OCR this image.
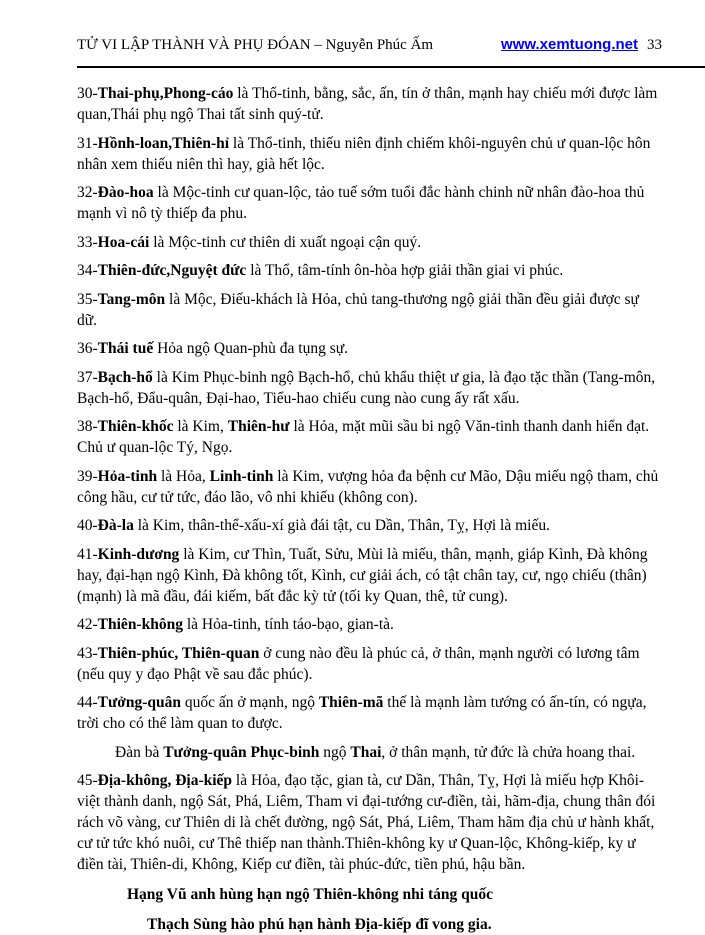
TỬ VI LẬP THÀNH VÀ PHỤ ĐÓAN – Nguyễn Phúc Ấm	www.xemtuong.net 33

30-Thai-phụ,Phong-cáo là Thổ-tinh, bằng, sắc, ấn, tín ở thân, mạnh hay chiếu mới được làm quan,Thái phụ ngộ Thai tất sinh quý-tử.

31-Hồnh-loan,Thiên-hỉ là Thổ-tinh, thiếu niên định chiếm khôi-nguyên chủ ư quan-lộc hôn nhân xem thiếu niên thì hay, già hết lộc.

32-Đào-hoa là Mộc-tinh cư quan-lộc, tảo tuế sớm tuổi đắc hành chinh nữ nhân đào-hoa thủ mạnh vì nô tỳ thiếp đa phu.

33-Hoa-cái là Mộc-tinh cư thiên di xuất ngoại cận quý.

34-Thiên-đức,Nguyệt đức là Thổ, tâm-tính ôn-hòa hợp giải thần giai vi phúc.

35-Tang-môn là Mộc, Điếu-khách là Hỏa, chủ tang-thương ngộ giải thần đều giải được sự dữ.

36-Thái tuế Hỏa ngộ Quan-phù đa tụng sự.

37-Bạch-hổ là Kim Phục-binh ngộ Bạch-hổ, chủ khẩu thiệt ư gia, là đạo tặc thần (Tang-môn, Bạch-hổ, Đẩu-quân, Đại-hao, Tiểu-hao chiếu cung nào cung ấy rất xấu.

38-Thiên-khốc là Kim, Thiên-hư là Hỏa, mặt mũi sầu bi ngộ Văn-tinh thanh danh hiển đạt. Chủ ư quan-lộc Tý, Ngọ.

39-Hỏa-tinh là Hỏa, Linh-tinh là Kim, vượng hỏa đa bệnh cư Mão, Dậu miếu ngộ tham, chủ công hầu, cư tử tức, đáo lão, vô nhi khiếu (không con).

40-Đà-la là Kim, thân-thể-xấu-xí già đái tật, cu Dần, Thân, Tỵ, Hợi là miếu.

41-Kinh-dương là Kim, cư Thìn, Tuất, Sửu, Mùi là miếu, thân, mạnh, giáp Kình, Đà không hay, đại-hạn ngộ Kình, Đà không tốt, Kình, cư giải ách, có tật chân tay, cư, ngọ chiếu (thân) (mạnh) là mã đầu, đái kiếm, bất đắc kỳ tử (tối ky Quan, thê, tử cung).

42-Thiên-không là Hỏa-tinh, tính táo-bạo, gian-tà.

43-Thiên-phúc, Thiên-quan ở cung nào đều là phúc cả, ở thân, mạnh người có lương tâm (nếu quy y đạo Phật về sau đắc phúc).

44-Tưởng-quân quốc ấn ở mạnh, ngộ Thiên-mã thế là mạnh làm tướng có ấn-tín, có ngựa, trời cho có thể làm quan to được.

Đàn bà Tưởng-quân Phục-binh ngộ Thai, ở thân mạnh, tử đức là chửa hoang thai.

45-Địa-không, Địa-kiếp là Hỏa, đạo tặc, gian tà, cư Dần, Thân, Tỵ, Hợi là miếu hợp Khôi-việt thành danh, ngộ Sát, Phá, Liêm, Tham vi đại-tướng cư-điền, tài, hãm-địa, chung thân đói rách võ vàng, cư Thiên di là chết đường, ngộ Sát, Phá, Liêm, Tham hãm địa chủ ư hành khất, cư tử tức khó nuôi, cư Thê thiếp nan thành.Thiên-không ky ư Quan-lộc, Không-kiếp, ky ư điền tài, Thiên-di, Không, Kiếp cư điền, tài phúc-đức, tiền phú, hậu bần.

Hạng Vũ anh hùng hạn ngộ Thiên-không nhi táng quốc

Thạch Sùng hào phú hạn hành Địa-kiếp đĩ vong gia.
